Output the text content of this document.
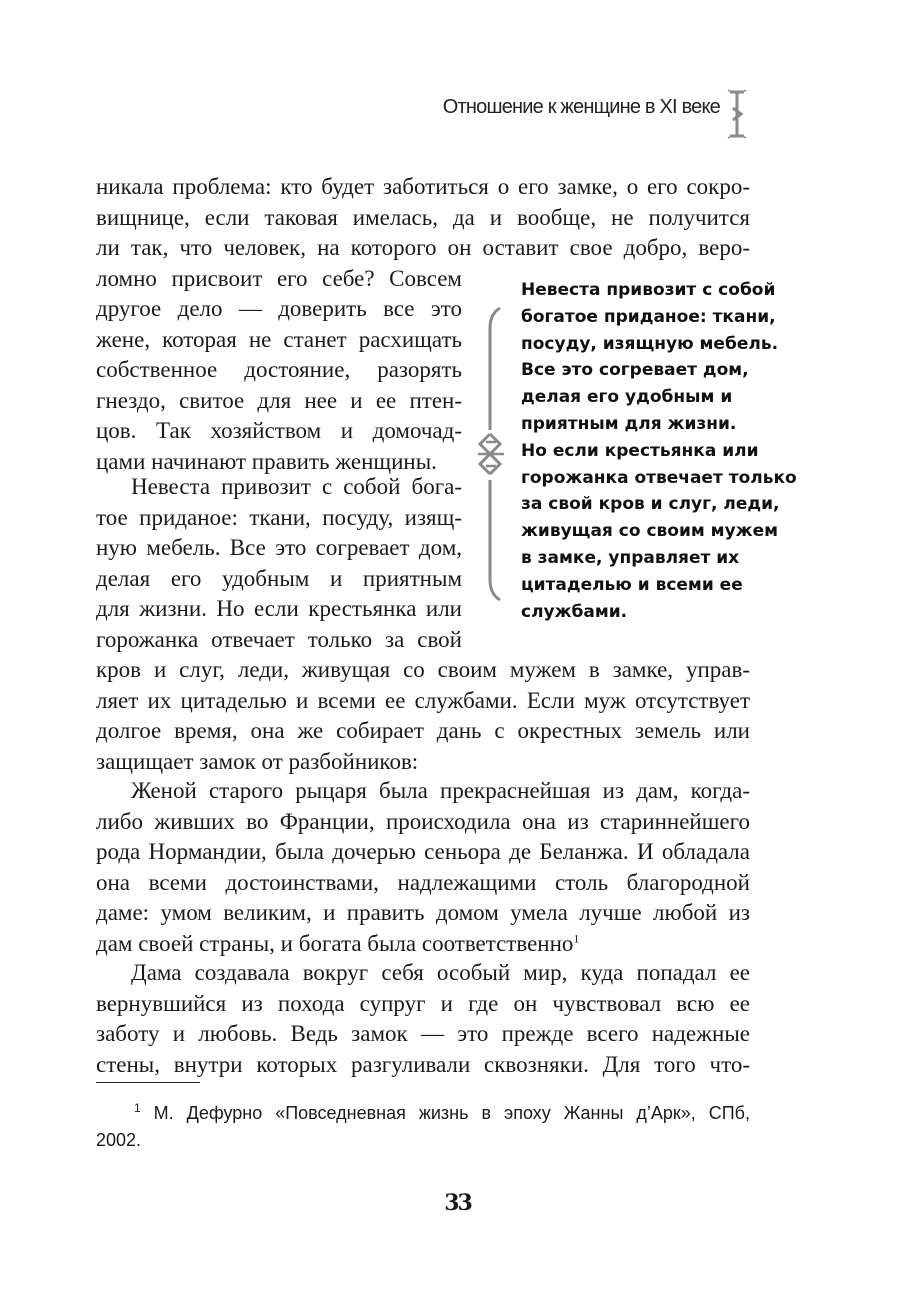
Отношение к женщине в XI веке
никала проблема: кто будет заботиться о его замке, о его сокро-
вищнице, если таковая имелась, да и вообще, не получится
ли так, что человек, на которого он оставит свое добро, веро-
ломно присвоит его себе? Совсем
другое дело — доверить все это
жене, которая не станет расхищать
собственное достояние, разорять
гнездо, свитое для нее и ее птен-
цов. Так хозяйством и домочад-
цами начинают править женщины.
Невеста привозит с собой бога-
тое приданое: ткани, посуду, изящ-
ную мебель. Все это согревает дом,
делая его удобным и приятным
для жизни. Но если крестьянка или
горожанка отвечает только за свой
кров и слуг, леди, живущая со своим мужем в замке, управ-
ляет их цитаделью и всеми ее службами. Если муж отсутствует
долгое время, она же собирает дань с окрестных земель или
защищает замок от разбойников:
Женой старого рыцаря была прекраснейшая из дам, когда-
либо живших во Франции, происходила она из стариннейшего
рода Нормандии, была дочерью сеньора де Беланжа. И обладала
она всеми достоинствами, надлежащими столь благородной
даме: умом великим, и править домом умела лучше любой из
дам своей страны, и богата была соответственно$^1$
Дама создавала вокруг себя особый мир, куда попадал ее
вернувшийся из похода супруг и где он чувствовал всю ее
заботу и любовь. Ведь замок — это прежде всего надежные
стены, внутри которых разгуливали сквозняки. Для того что-
Невеста привозит с собой
богатое приданое: ткани,
посуду, изящную мебель.
Все это согревает дом,
делая его удобным и
приятным для жизни.
Но если крестьянка или
горожанка отвечает только
за свой кров и слуг, леди,
живущая со своим мужем
в замке, управляет их
цитаделью и всеми ее
службами.
$^1$ М. Дефурно «Повседневная жизнь в эпоху Жанны д’Арк», СПб,
2002.
33
